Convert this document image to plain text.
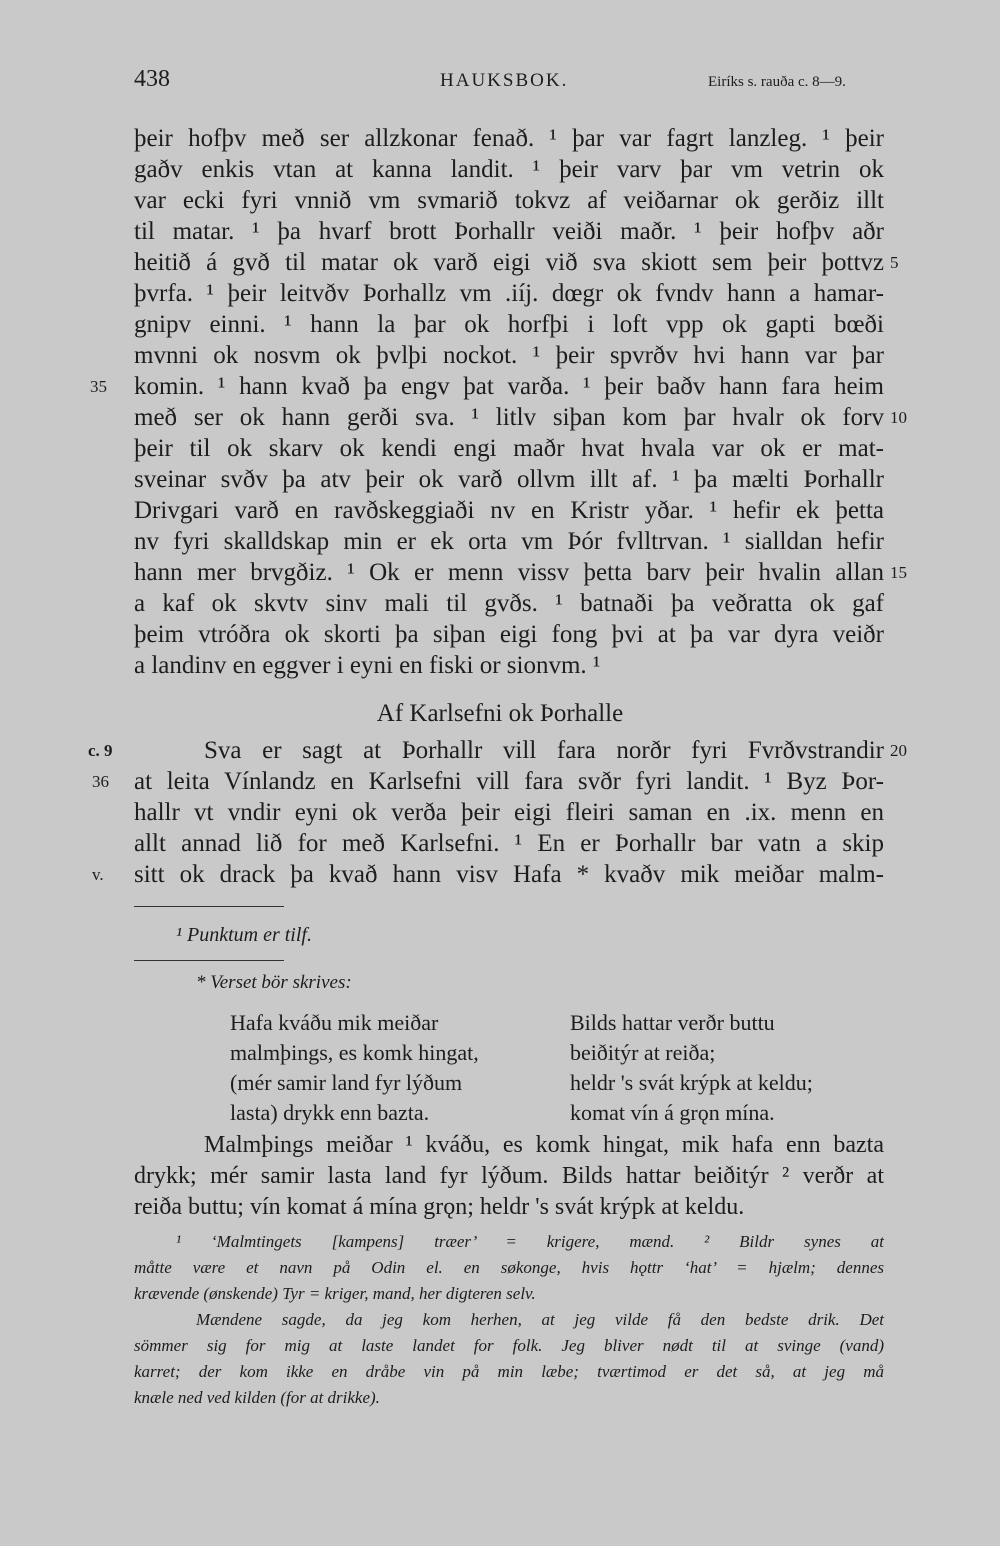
438	HAUKSBOK.	Eiríks s. rauða c. 8—9.
þeir hofþv með ser allzkonar fenað. ¹ þar var fagrt lanzleg. ¹ þeir
gaðv enkis vtan at kanna landit. ¹ þeir varv þar vm vetrin ok
var ecki fyri vnnið vm svmarið tokvz af veiðarnar ok gerðiz illt
til matar. ¹ þa hvarf brott Þorhallr veiði maðr. ¹ þeir hofþv aðr
heitið á gvð til matar ok varð eigi við sva skiott sem þeir þottvz
þvrfa. ¹ þeir leitvðv Þorhallz vm .iíj. dœgr ok fvndv hann a hamar-
gnipv einni. ¹ hann la þar ok horfþi i loft vpp ok gapti bœði
mvnni ok nosvm ok þvlþi nockot. ¹ þeir spvrðv hvi hann var þar
komin. ¹ hann kvað þa engv þat varða. ¹ þeir baðv hann fara heim
með ser ok hann gerði sva. ¹ litlv siþan kom þar hvalr ok forv
þeir til ok skarv ok kendi engi maðr hvat hvala var ok er mat-
sveinar svðv þa atv þeir ok varð ollvm illt af. ¹ þa mælti Þorhallr
Drivgari varð en ravðskeggiaði nv en Kristr yðar. ¹ hefir ek þetta
nv fyri skalldskap min er ek orta vm Þór fvlltrvan. ¹ sialldan hefir
hann mer brvgðiz. ¹ Ok er menn vissv þetta barv þeir hvalin allan
a kaf ok skvtv sinv mali til gvðs. ¹ batnaði þa veðratta ok gaf
þeim vtróðra ok skorti þa siþan eigi fong þvi at þa var dyra veiðr
a landinv en eggver i eyni en fiski or sionvm. ¹
5
10
15
35
Af Karlsefni ok Þorhalle
Sva er sagt at Þorhallr vill fara norðr fyri Fvrðvstrandir
at leita Vínlandz en Karlsefni vill fara svðr fyri landit. ¹ Byz Þor-
hallr vt vndir eyni ok verða þeir eigi fleiri saman en .ix. menn en
allt annad lið for með Karlsefni. ¹ En er Þorhallr bar vatn a skip
sitt ok drack þa kvað hann visv Hafa * kvaðv mik meiðar malm-
c. 9
36
v.
20
¹ Punktum er tilf.
* Verset bör skrives:
Hafa kváðu mik meiðar
malmþings, es komk hingat,
(mér samir land fyr lýðum
lasta) drykk enn bazta.
Bilds hattar verðr buttu
beiðitýr at reiða;
heldr 's svát krýpk at keldu;
komat vín á grǫn mína.
Malmþings meiðar ¹ kváðu, es komk hingat, mik hafa enn bazta
drykk; mér samir lasta land fyr lýðum. Bilds hattar beiðitýr ² verðr at
reiða buttu; vín komat á mína grǫn; heldr 's svát krýpk at keldu.
¹ ‘Malmtingets [kampens] træer’ = krigere, mænd. ² Bildr synes at
måtte være et navn på Odin el. en søkonge, hvis hǫttr ‘hat’ = hjælm; dennes
krævende (ønskende) Tyr = kriger, mand, her digteren selv.
Mændene sagde, da jeg kom herhen, at jeg vilde få den bedste drik. Det
sömmer sig for mig at laste landet for folk. Jeg bliver nødt til at svinge (vand)
karret; der kom ikke en dråbe vin på min læbe; tværtimod er det så, at jeg må
knæle ned ved kilden (for at drikke).
